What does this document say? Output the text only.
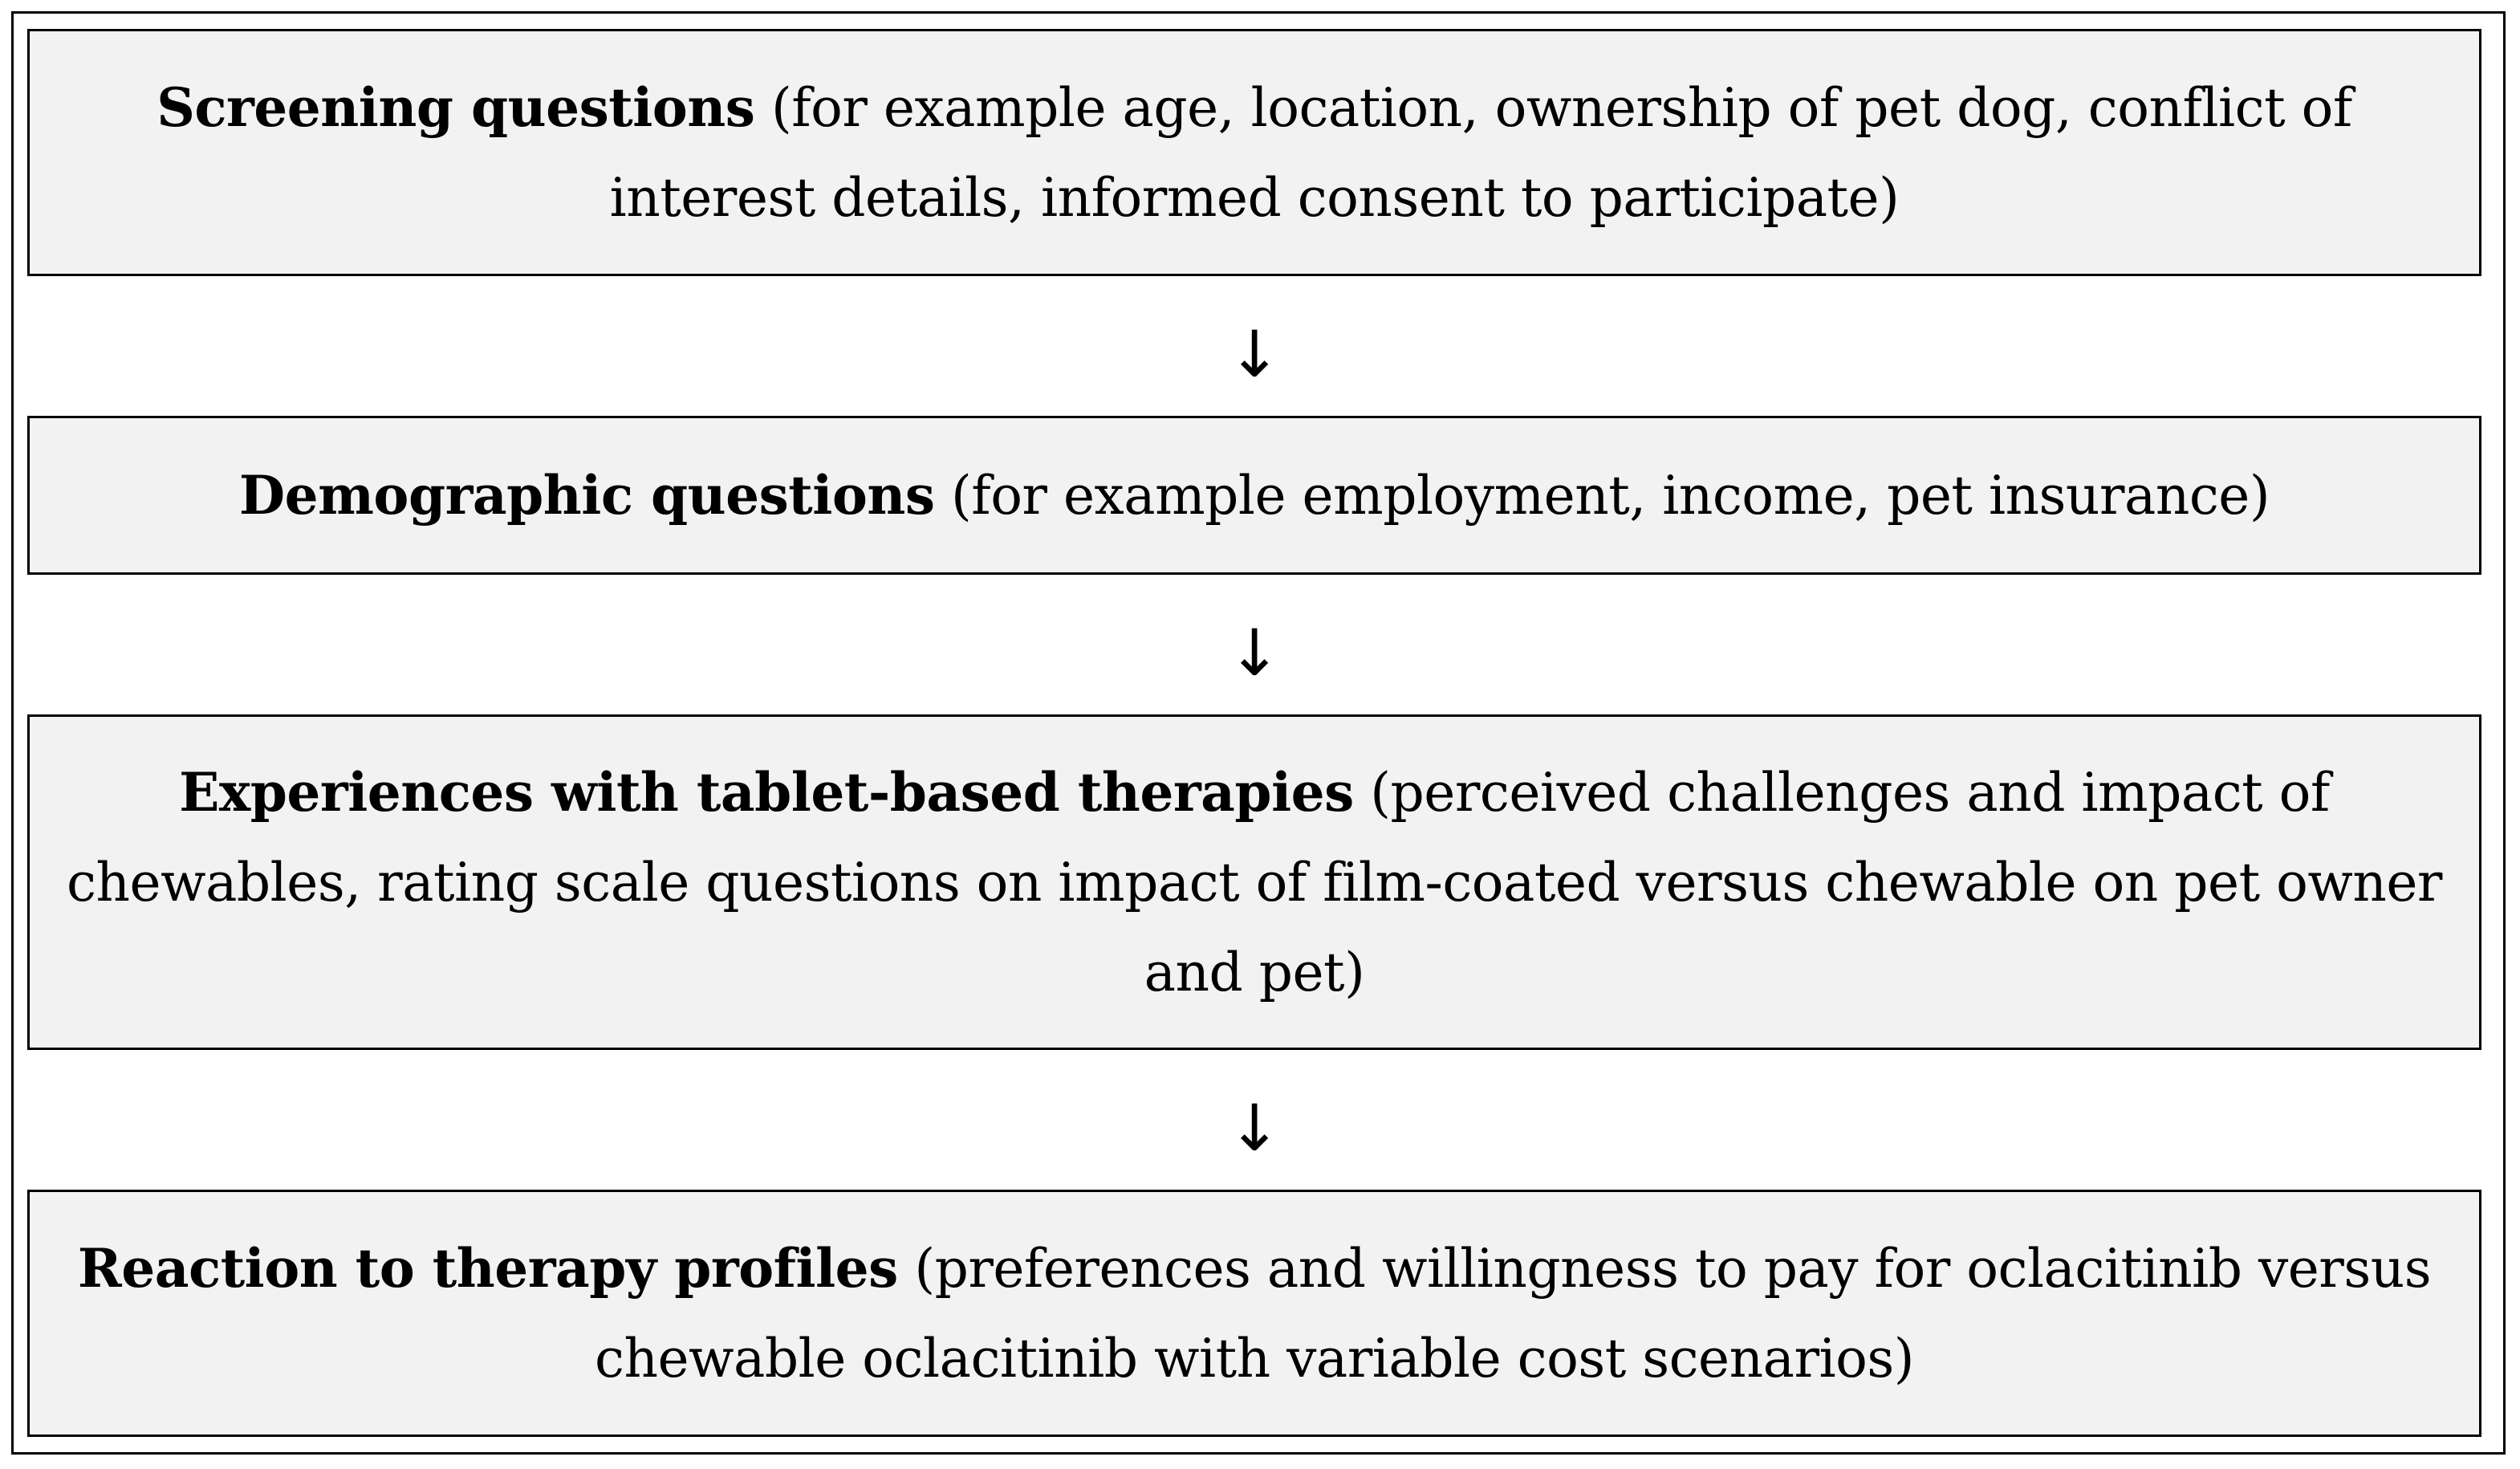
Screening questions (for example age, location, ownership of pet dog, conflict of interest details, informed consent to participate)
↓
Demographic questions (for example employment, income, pet insurance)
↓
Experiences with tablet-based therapies (perceived challenges and impact of chewables, rating scale questions on impact of film-coated versus chewable on pet owner and pet)
↓
Reaction to therapy profiles (preferences and willingness to pay for oclacitinib versus chewable oclacitinib with variable cost scenarios)
